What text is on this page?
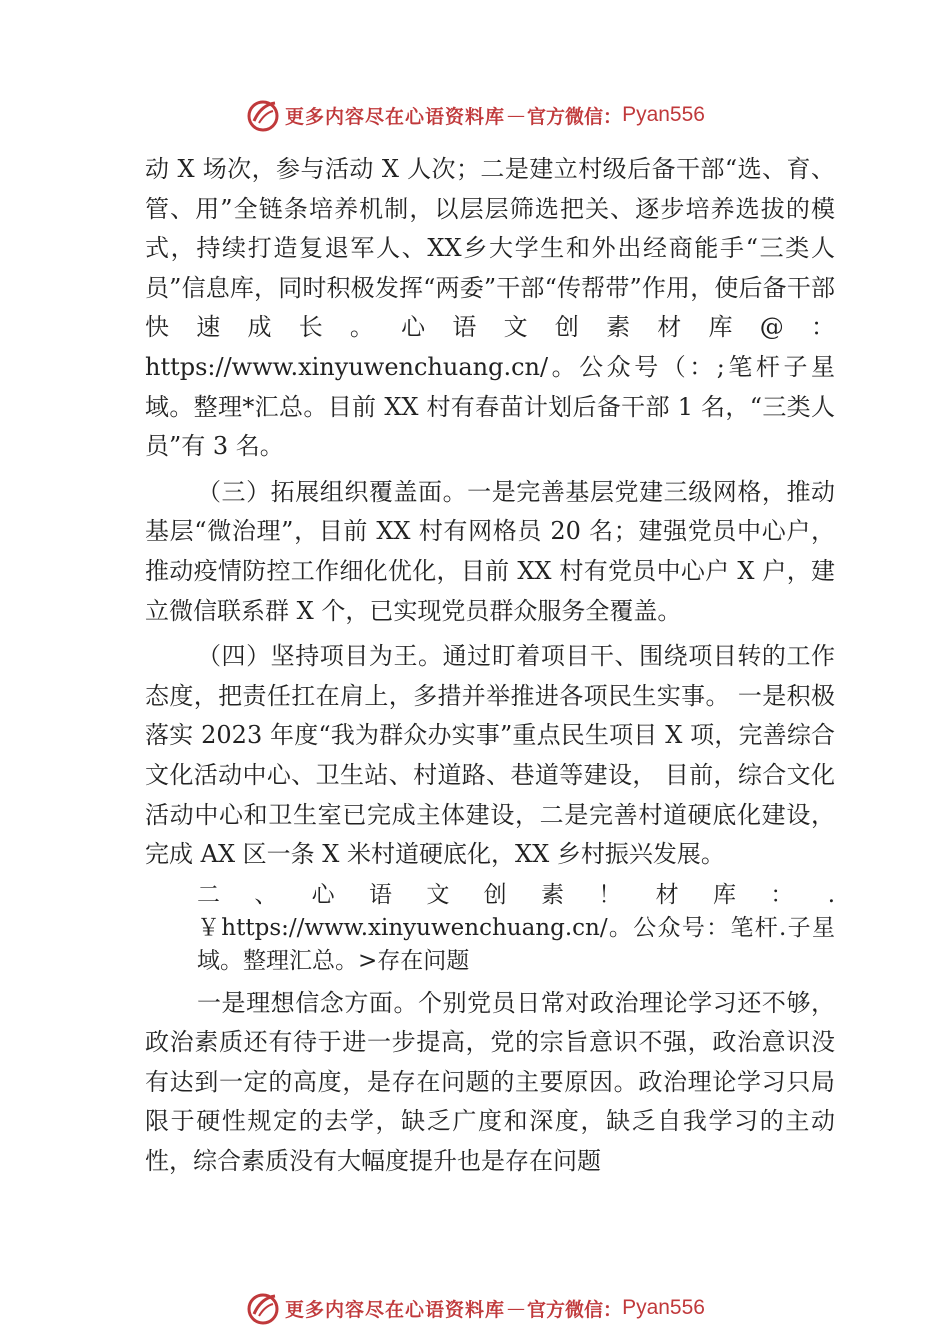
更多内容尽在心语资料库 — 官方微信： Pyan556

动 X 场次，参与活动 X 人次；二是建立村级后备干部“选、育、管、用”全链条培养机制，以层层筛选把关、逐步培养选拔的模式，持续打造复退军人、XX乡大学生和外出经商能手“三类人员”信息库，同时积极发挥“两委”干部“传帮带”作用，使后备干部快速成长。心语文创素材库@：https://www.xinyuwenchuang.cn/。公众号（：;笔杆子星域。整理*汇总。目前 XX 村有春苗计划后备干部 1 名，“三类人员”有 3 名。

（三）拓展组织覆盖面。一是完善基层党建三级网格，推动基层“微治理”，目前 XX 村有网格员 20 名；建强党员中心户，推动疫情防控工作细化优化，目前 XX 村有党员中心户 X 户，建立微信联系群 X 个，已实现党员群众服务全覆盖。

（四）坚持项目为王。通过盯着项目干、围绕项目转的工作态度，把责任扛在肩上，多措并举推进各项民生实事。 一是积极落实 2023 年度“我为群众办实事”重点民生项目 X 项，完善综合文化活动中心、卫生站、村道路、巷道等建设， 目前，综合文化活动中心和卫生室已完成主体建设，二是完善村道硬底化建设，完成 AX 区一条 X 米村道硬底化，XX 乡村振兴发展。

二、心语文创素！材库：.￥https://www.xinyuwenchuang.cn/。公众号：笔杆.子星域。整理汇总。>存在问题

一是理想信念方面。个别党员日常对政治理论学习还不够，政治素质还有待于进一步提高，党的宗旨意识不强，政治意识没有达到一定的高度，是存在问题的主要原因。政治理论学习只局限于硬性规定的去学，缺乏广度和深度，缺乏自我学习的主动性，综合素质没有大幅度提升也是存在问题

更多内容尽在心语资料库 — 官方微信： Pyan556
